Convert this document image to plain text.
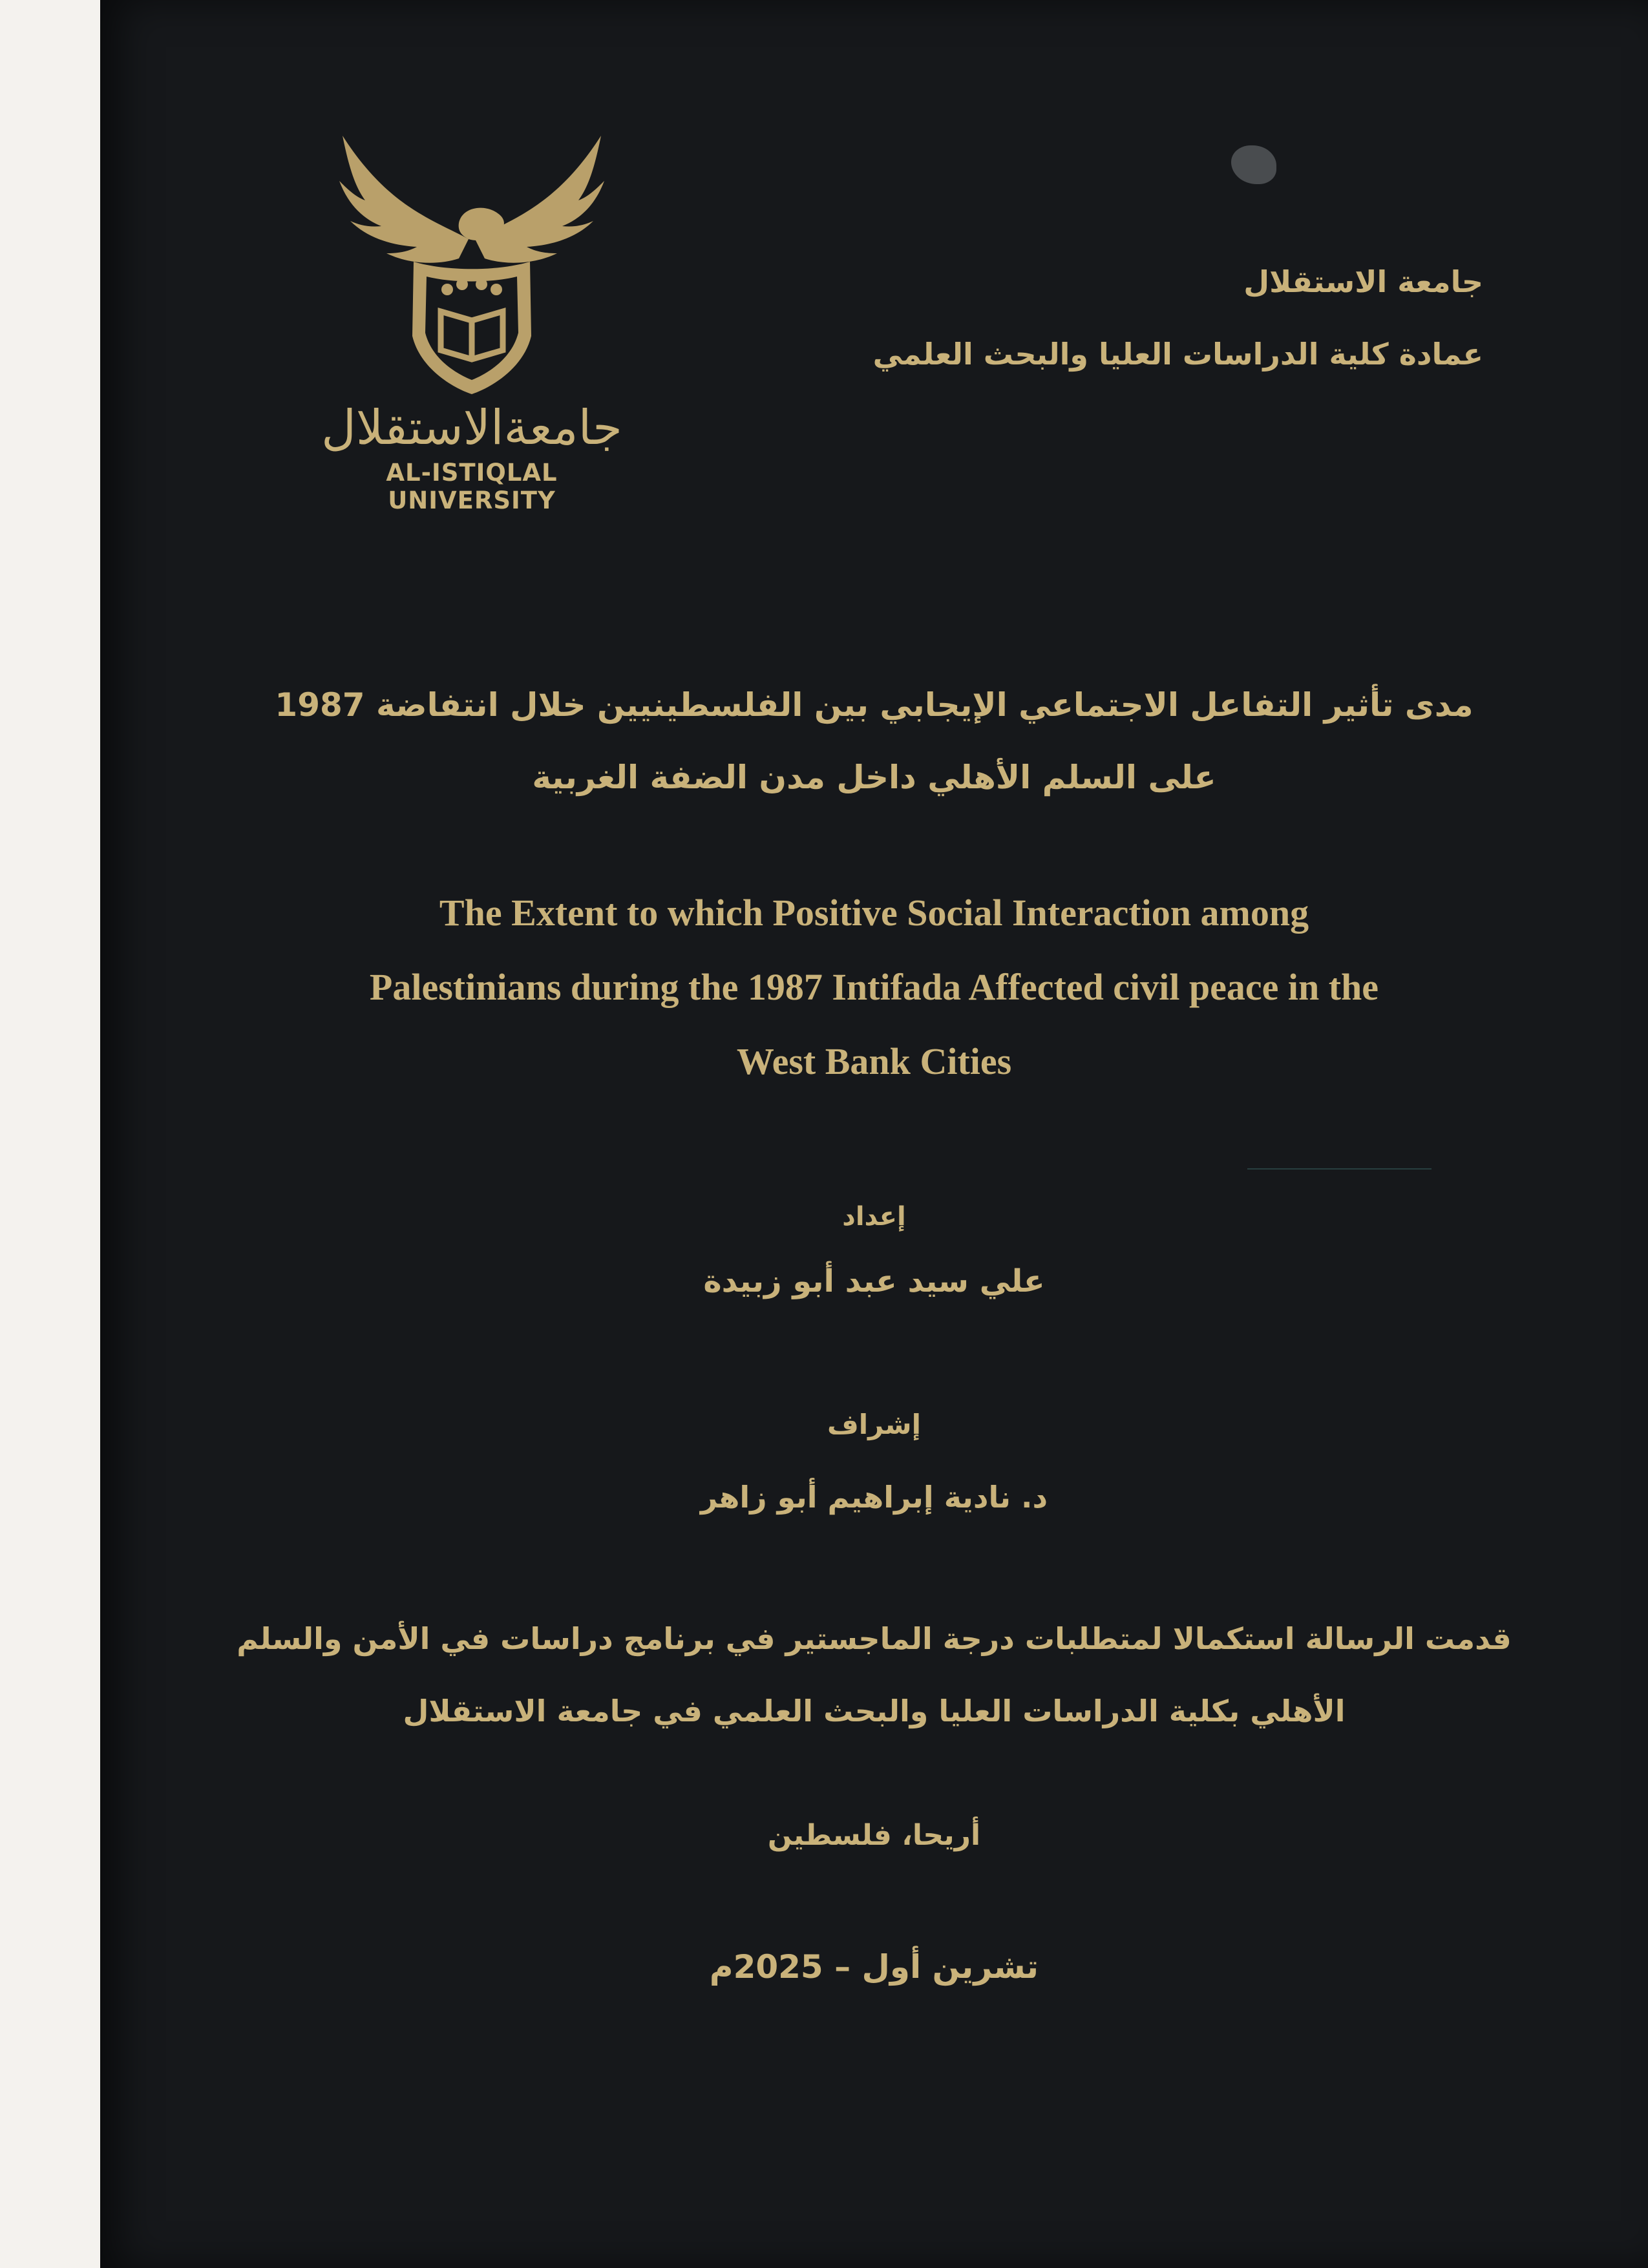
جامعةالاستقلال
AL-ISTIQLAL UNIVERSITY
جامعة الاستقلال
عمادة كلية الدراسات العليا والبحث العلمي
مدى تأثير التفاعل الاجتماعي الإيجابي بين الفلسطينيين خلال انتفاضة 1987
على السلم الأهلي داخل مدن الضفة الغربية
The Extent to which Positive Social Interaction among
Palestinians during the 1987 Intifada Affected civil peace in the
West Bank Cities
إعداد
علي سيد عبد أبو زبيدة
إشراف
د. نادية إبراهيم أبو زاهر
قدمت الرسالة استكمالا لمتطلبات درجة الماجستير في برنامج دراسات في الأمن والسلم
الأهلي بكلية الدراسات العليا والبحث العلمي في جامعة الاستقلال
أريحا، فلسطين
تشرين أول – 2025م
